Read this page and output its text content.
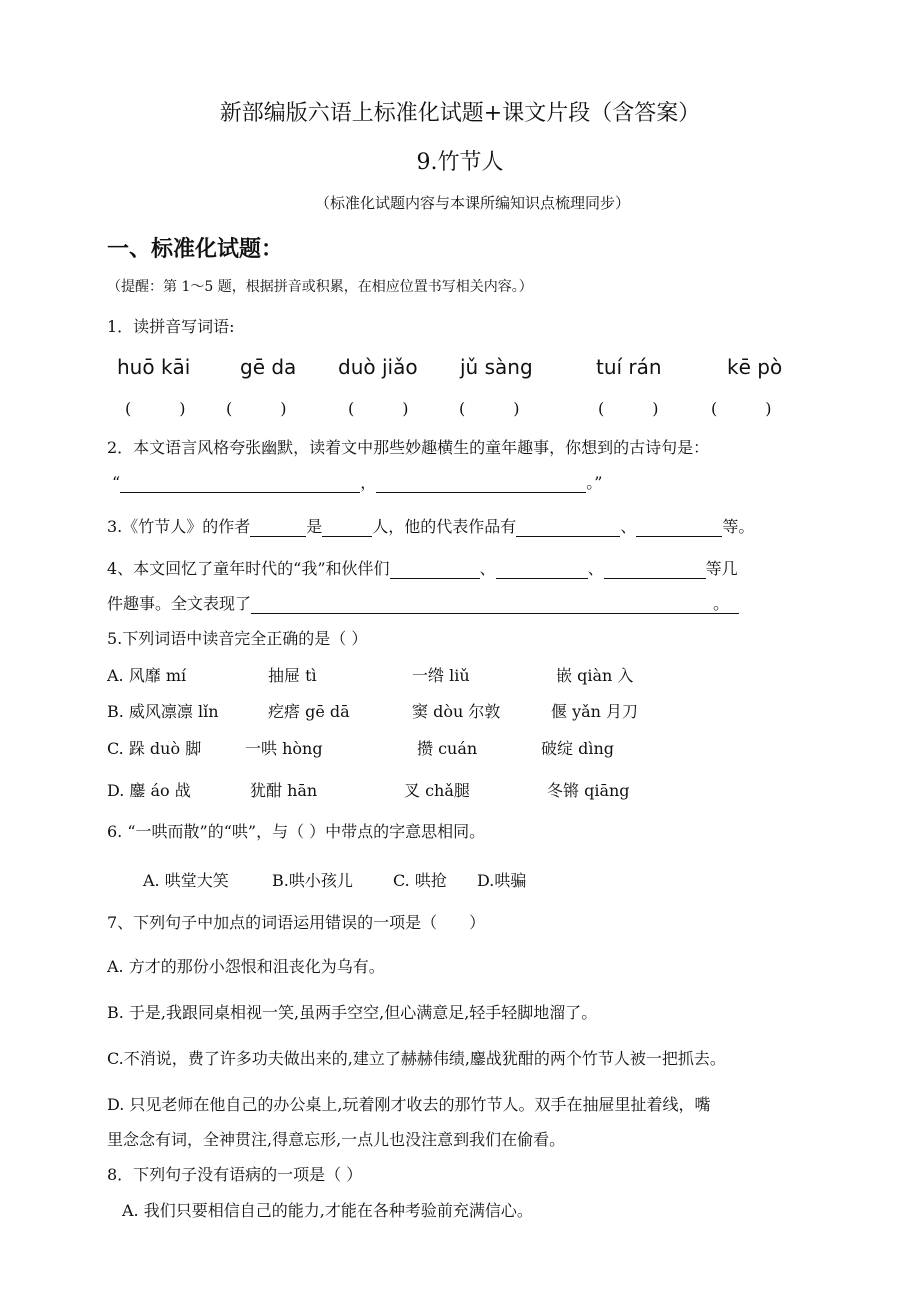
新部编版六语上标准化试题+课文片段（含答案）
9.竹节人
（标准化试题内容与本课所编知识点梳理同步）
一、标准化试题：
（提醒：第 1～5 题，根据拼音或积累，在相应位置书写相关内容。）
1．读拼音写词语:
huō kāi gē da duò jiǎo jǔ sàng	tuí rán	kē pò
(　　　)	(　　　)	(　　　)	(　　　)	(　　　)	(　　　)
2．本文语言风格夸张幽默，读着文中那些妙趣横生的童年趣事，你想到的古诗句是：
“	，	。”
3.《竹节人》的作者	是	人，他的代表作品有	、	等。
4、本文回忆了童年时代的“我”和伙伴们	、	、	等几
件趣事。全文表现了	。
5.下列词语中读音完全正确的是（ ）
A. 风靡 mí	抽屉 tì	一绺 liǔ	嵌 qiàn 入
B. 威风凛凛 lǐn	疙瘩 gē dā	窦 dòu 尔敦	偃 yǎn 月刀
C. 跺 duò 脚	一哄 hòng	攒 cuán	破绽 dìng
D. 鏖 áo 战	犹酣 hān	叉 chǎ腿	冬锵 qiāng
6. “一哄而散”的“哄”，与（ ）中带点的字意思相同。
A. 哄堂大笑	B.哄小孩儿	C. 哄抢 D.哄骗
7、下列句子中加点的词语运用错误的一项是（　　）
A. 方才的那份小怨恨和沮丧化为乌有。
B. 于是,我跟同桌相视一笑,虽两手空空,但心满意足,轻手轻脚地溜了。
C.不消说，费了许多功夫做出来的,建立了赫赫伟绩,鏖战犹酣的两个竹节人被一把抓去。
D. 只见老师在他自己的办公桌上,玩着刚才收去的那竹节人。双手在抽屉里扯着线，嘴
里念念有词，全神贯注,得意忘形,一点儿也没注意到我们在偷看。
8．下列句子没有语病的一项是（ ）
A. 我们只要相信自己的能力,才能在各种考验前充满信心。
